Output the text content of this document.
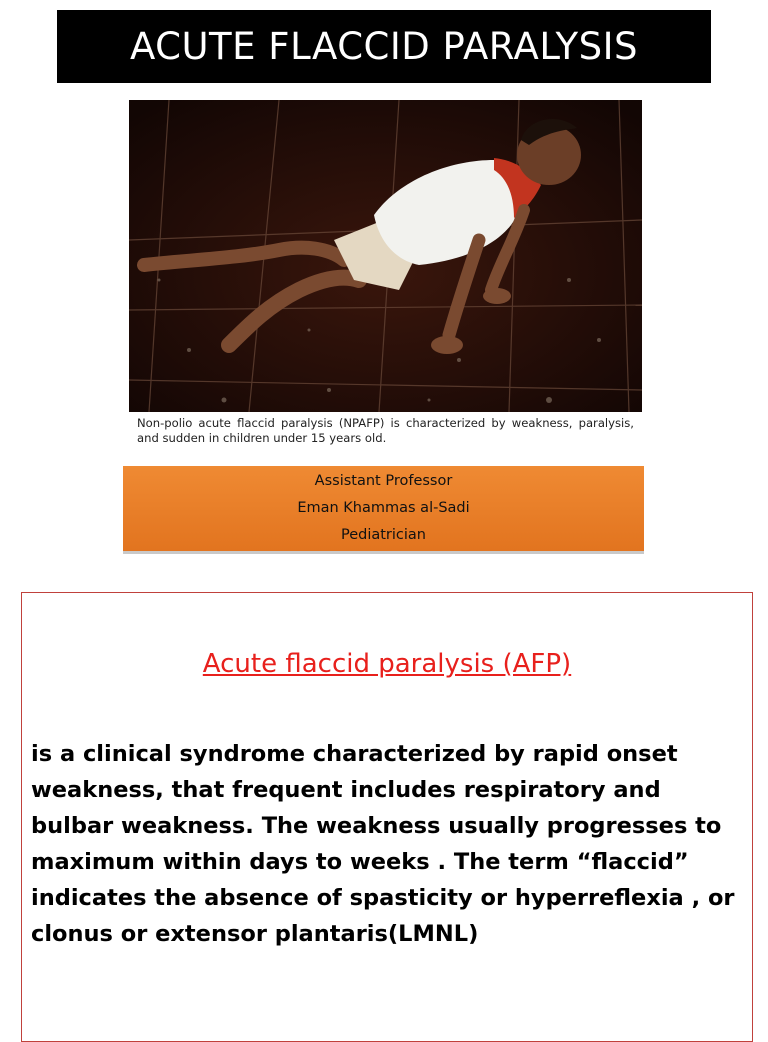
ACUTE FLACCID PARALYSIS
Non-polio acute flaccid paralysis (NPAFP) is characterized by weakness, paralysis, and sudden in children under 15 years old.
Assistant Professor
Eman Khammas al-Sadi
Pediatrician
Acute flaccid paralysis (AFP)
is a clinical syndrome characterized by rapid onset weakness, that frequent includes respiratory and bulbar weakness. The weakness usually progresses to maximum within days to weeks . The term “flaccid” indicates the absence of spasticity or hyperreflexia , or clonus or extensor plantaris(LMNL)
